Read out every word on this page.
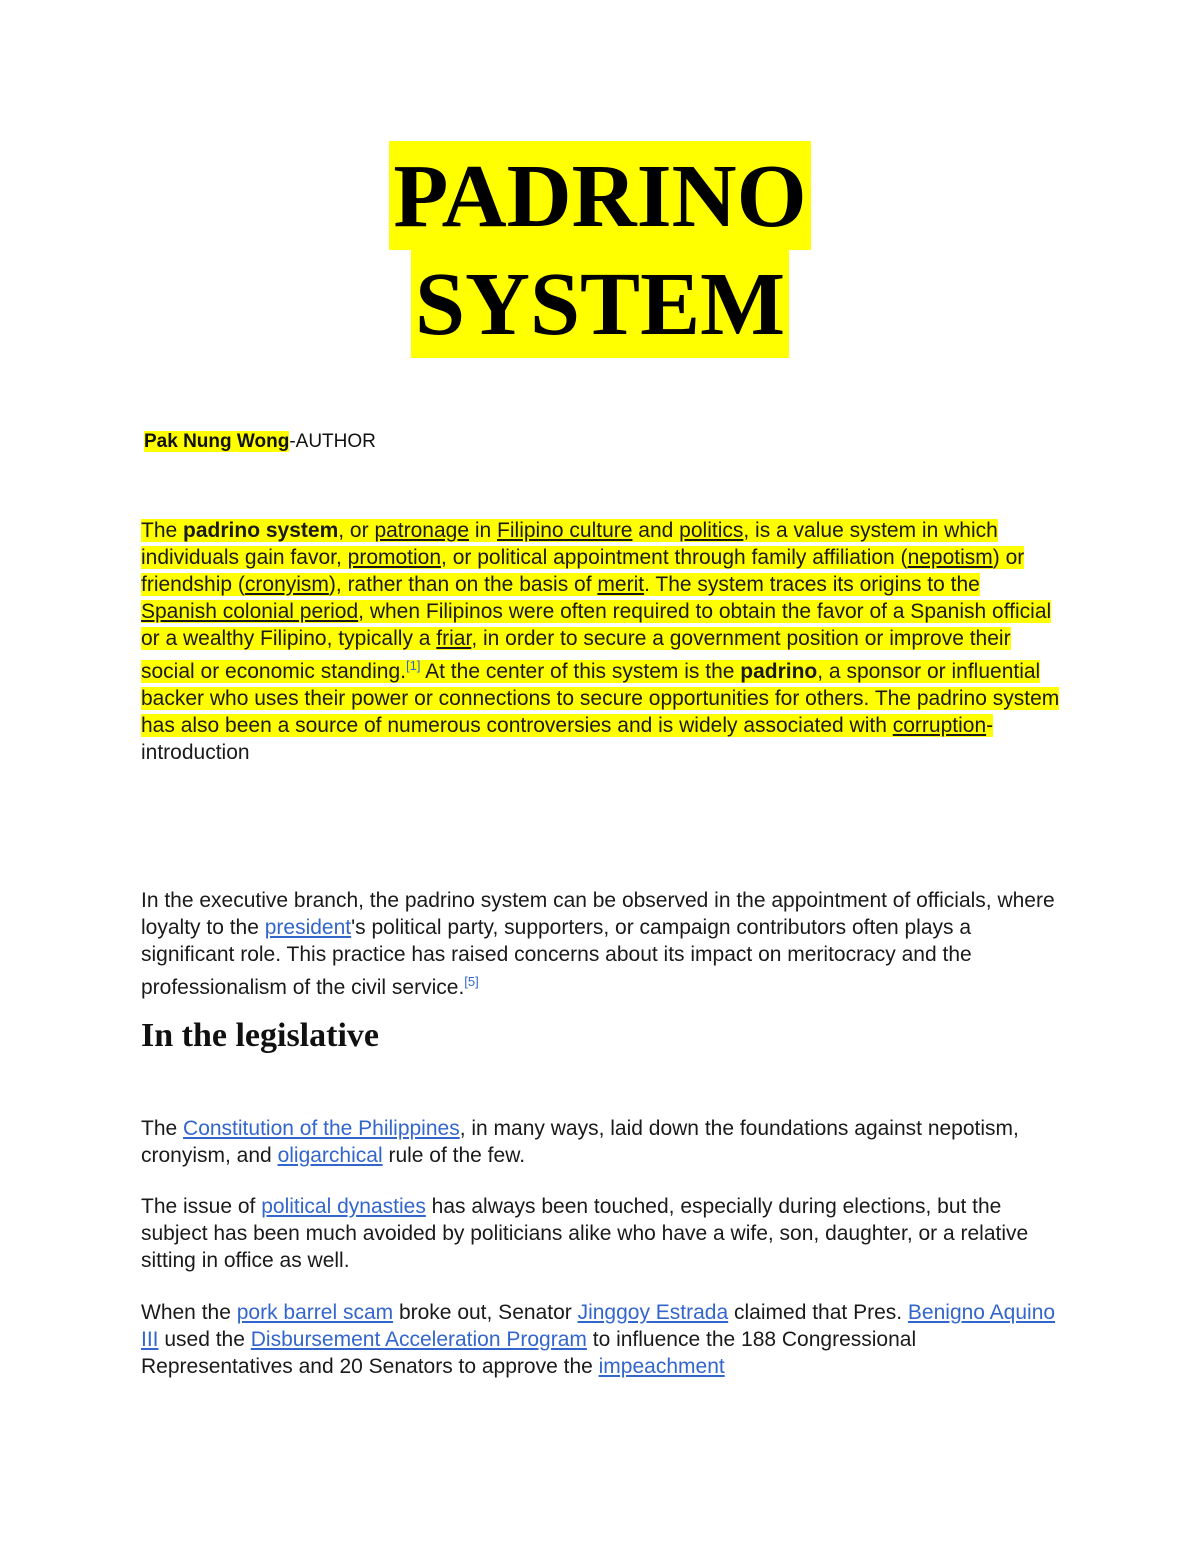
PADRINO
SYSTEM
Pak Nung Wong-AUTHOR

The padrino system, or patronage in Filipino culture and politics, is a value system in which individuals gain favor, promotion, or political appointment through family affiliation (nepotism) or friendship (cronyism), rather than on the basis of merit. The system traces its origins to the Spanish colonial period, when Filipinos were often required to obtain the favor of a Spanish official or a wealthy Filipino, typically a friar, in order to secure a government position or improve their social or economic standing.[1] At the center of this system is the padrino, a sponsor or influential backer who uses their power or connections to secure opportunities for others. The padrino system has also been a source of numerous controversies and is widely associated with corruption-introduction

In the executive branch, the padrino system can be observed in the appointment of officials, where loyalty to the president's political party, supporters, or campaign contributors often plays a significant role. This practice has raised concerns about its impact on meritocracy and the professionalism of the civil service.[5]

In the legislative

The Constitution of the Philippines, in many ways, laid down the foundations against nepotism, cronyism, and oligarchical rule of the few.

The issue of political dynasties has always been touched, especially during elections, but the subject has been much avoided by politicians alike who have a wife, son, daughter, or a relative sitting in office as well.

When the pork barrel scam broke out, Senator Jinggoy Estrada claimed that Pres. Benigno Aquino III used the Disbursement Acceleration Program to influence the 188 Congressional Representatives and 20 Senators to approve the impeachment
